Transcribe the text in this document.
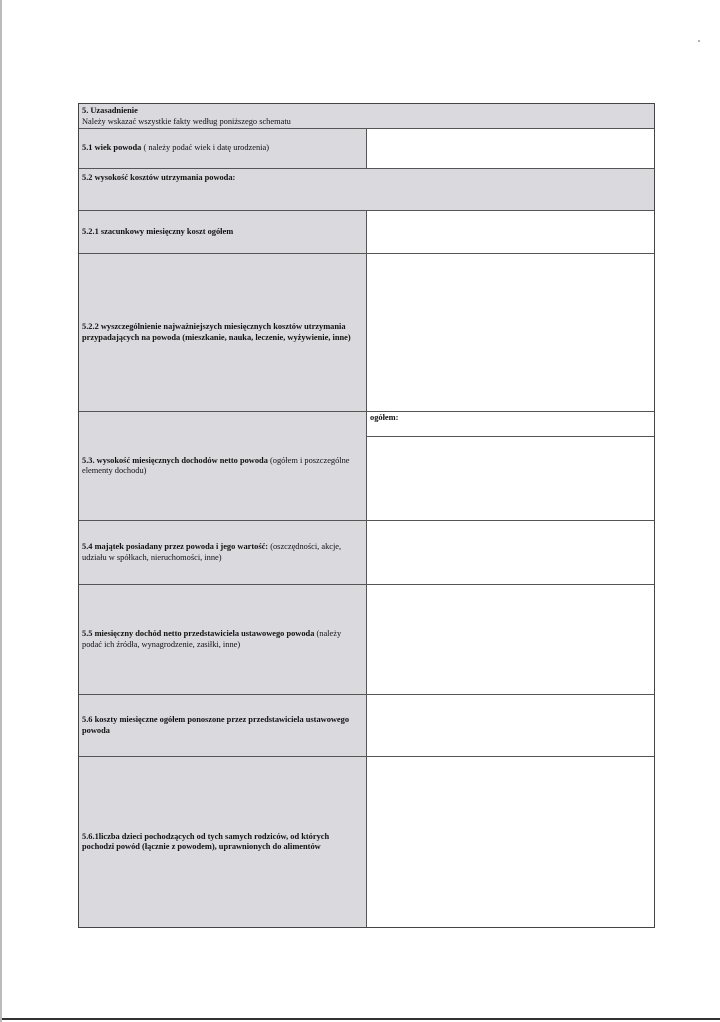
5. Uzasadnienie
Należy wskazać wszystkie fakty według poniższego schematu
5.1 wiek powoda ( należy podać wiek i datę urodzenia)
5.2 wysokość kosztów utrzymania powoda:
5.2.1 szacunkowy miesięczny koszt ogółem
5.2.2 wyszczególnienie najważniejszych miesięcznych kosztów utrzymania przypadających na powoda (mieszkanie, nauka, leczenie, wyżywienie, inne)
5.3. wysokość miesięcznych dochodów netto powoda (ogółem i poszczególne elementy dochodu)
ogółem:
5.4 majątek posiadany przez powoda i jego wartość: (oszczędności, akcje, udziału w spółkach, nieruchomości, inne)
5.5 miesięczny dochód netto przedstawiciela ustawowego powoda (należy podać ich źródła, wynagrodzenie, zasiłki, inne)
5.6 koszty miesięczne ogółem ponoszone przez przedstawiciela ustawowego powoda
5.6.1liczba dzieci pochodzących od tych samych rodziców, od których pochodzi powód (łącznie z powodem), uprawnionych do alimentów
